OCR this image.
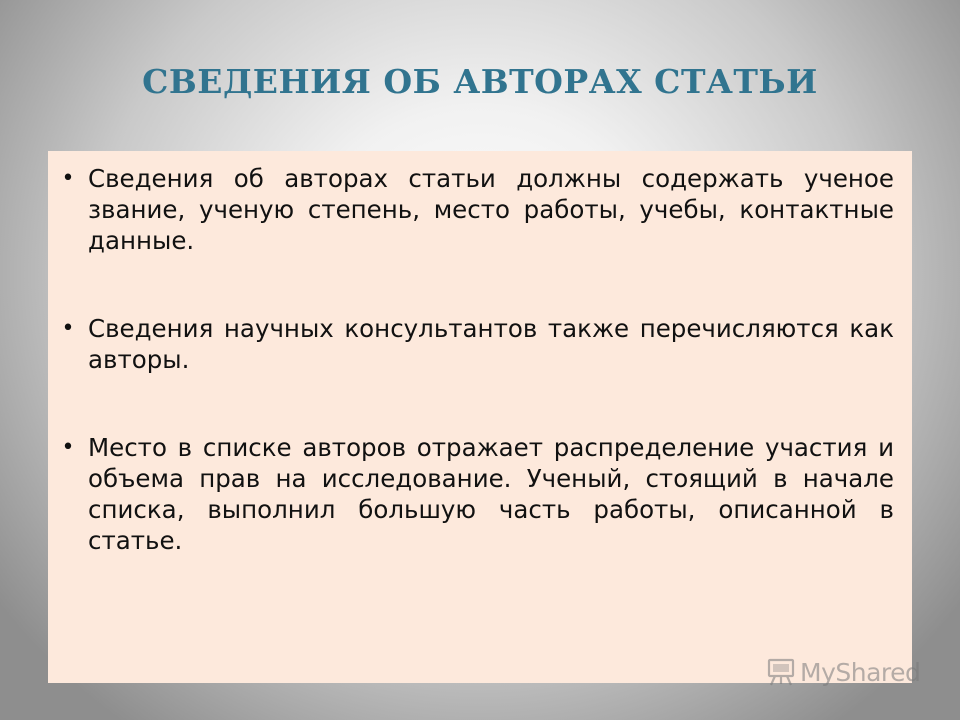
СВЕДЕНИЯ ОБ АВТОРАХ СТАТЬИ
• Сведения об авторах статьи должны содержать ученое звание, ученую степень, место работы, учебы, контактные данные.
• Сведения научных консультантов также перечисляются как авторы.
• Место в списке авторов отражает распределение участия и объема прав на исследование. Ученый, стоящий в начале списка, выполнил большую часть работы, описанной в статье.
MyShared
